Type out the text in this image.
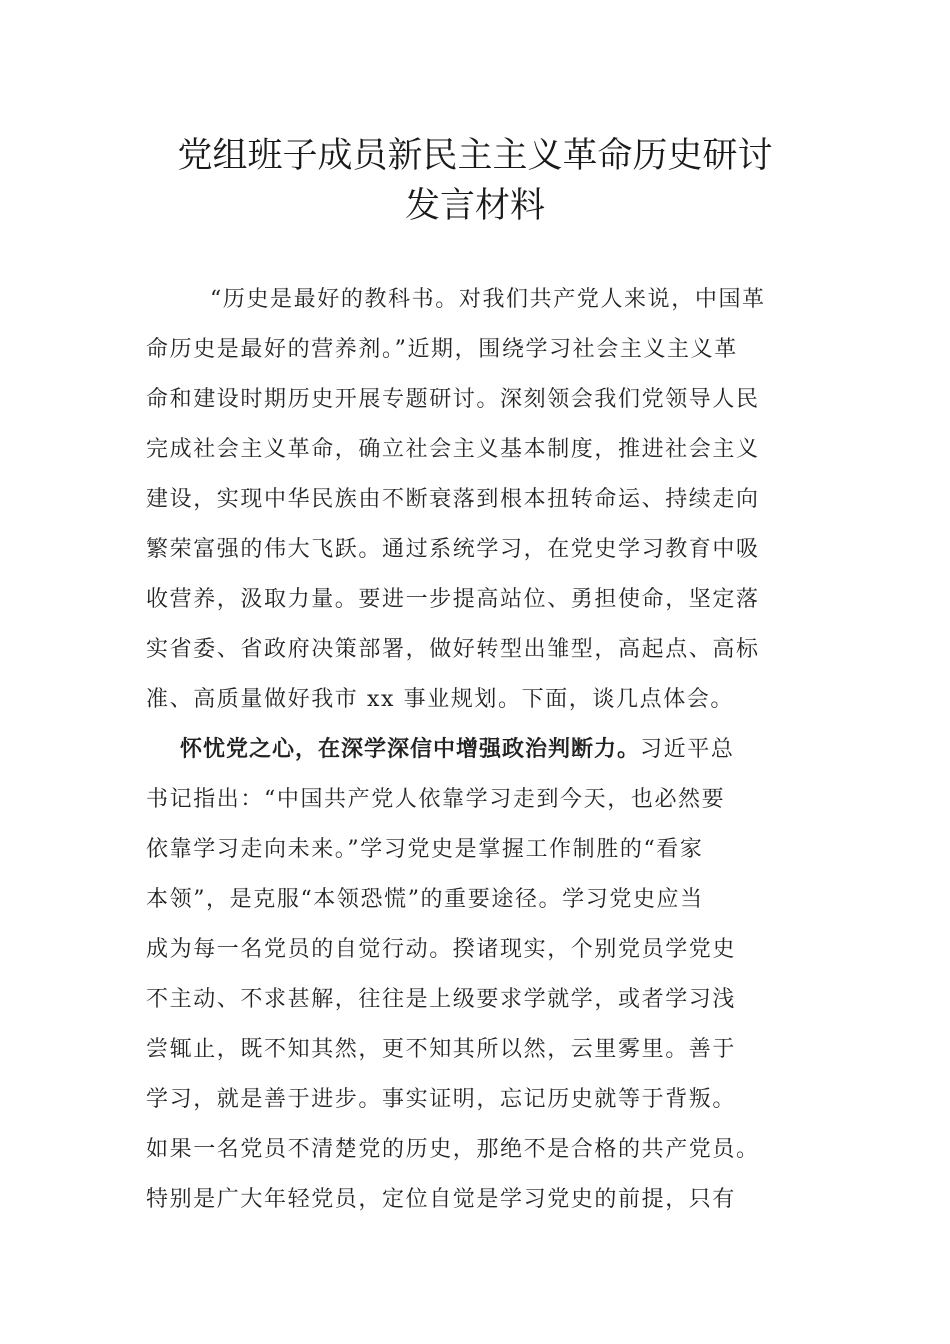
党组班子成员新民主主义革命历史研讨
发言材料
“历史是最好的教科书。对我们共产党人来说，中国革
命历史是最好的营养剂。”近期，围绕学习社会主义主义革
命和建设时期历史开展专题研讨。深刻领会我们党领导人民
完成社会主义革命，确立社会主义基本制度，推进社会主义
建设，实现中华民族由不断衰落到根本扭转命运、持续走向
繁荣富强的伟大飞跃。通过系统学习，在党史学习教育中吸
收营养，汲取力量。要进一步提高站位、勇担使命，坚定落
实省委、省政府决策部署，做好转型出雏型，高起点、高标
准、高质量做好我市 xx 事业规划。下面，谈几点体会。
怀忧党之心，在深学深信中增强政治判断力。习近平总
书记指出：“中国共产党人依靠学习走到今天，也必然要
依靠学习走向未来。”学习党史是掌握工作制胜的“看家
本领”，是克服“本领恐慌”的重要途径。学习党史应当
成为每一名党员的自觉行动。揆诸现实，个别党员学党史
不主动、不求甚解，往往是上级要求学就学，或者学习浅
尝辄止，既不知其然，更不知其所以然，云里雾里。善于
学习，就是善于进步。事实证明，忘记历史就等于背叛。
如果一名党员不清楚党的历史，那绝不是合格的共产党员。
特别是广大年轻党员，定位自觉是学习党史的前提，只有
